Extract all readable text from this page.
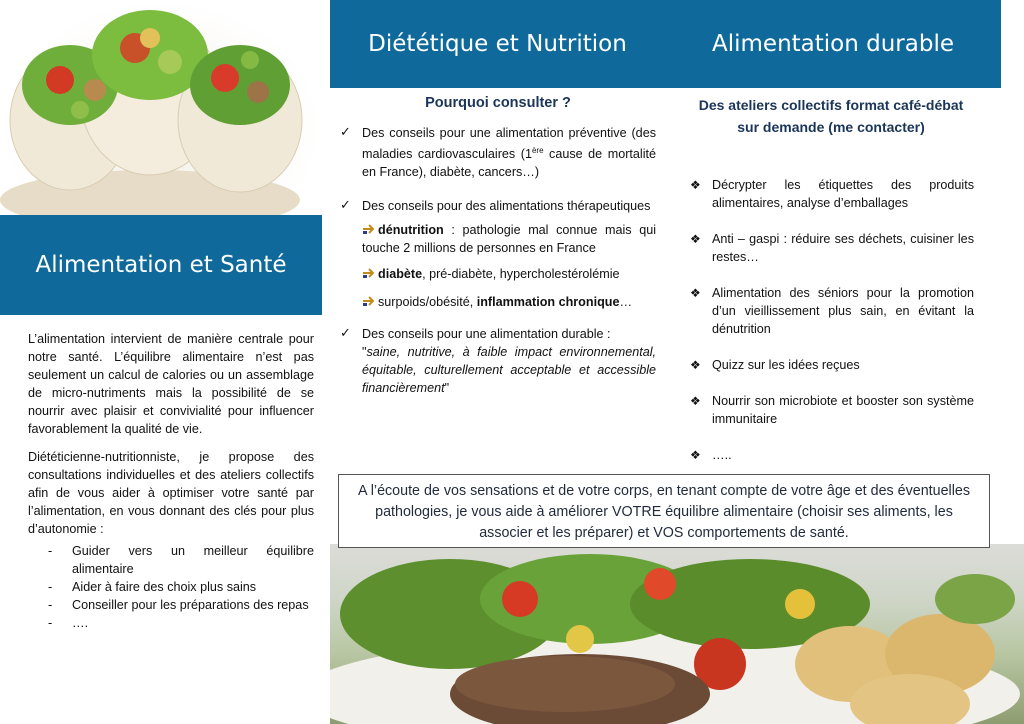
Alimentation et Santé
Diététique et Nutrition	Alimentation durable

L’alimentation intervient de manière centrale pour notre santé. L’équilibre alimentaire n’est pas seulement un calcul de calories ou un assemblage de micro-nutriments mais la possibilité de se nourrir avec plaisir et convivialité pour influencer favorablement la qualité de vie.

Diététicienne-nutritionniste, je propose des consultations individuelles et des ateliers collectifs afin de vous aider à optimiser votre santé par l’alimentation, en vous donnant des clés pour plus d’autonomie :

- Guider vers un meilleur équilibre alimentaire
- Aider à faire des choix plus sains
- Conseiller pour les préparations des repas
- ….
Pourquoi consulter ?
✓ Des conseils pour une alimentation préventive (des maladies cardiovasculaires (1ère cause de mortalité en France), diabète, cancers…)
✓ Des conseils pour des alimentations thérapeutiques
dénutrition : pathologie mal connue mais qui touche 2 millions de personnes en France
diabète, pré-diabète, hypercholestérolémie
surpoids/obésité, inflammation chronique…
✓ Des conseils pour une alimentation durable :
"saine, nutritive, à faible impact environnemental, équitable, culturellement acceptable et accessible financièrement"
Des ateliers collectifs format café-débat sur demande (me contacter)
❖ Décrypter les étiquettes des produits alimentaires, analyse d’emballages
❖ Anti – gaspi : réduire ses déchets, cuisiner les restes…
❖ Alimentation des séniors pour la promotion d’un vieillissement plus sain, en évitant la dénutrition
❖ Quizz sur les idées reçues
❖ Nourrir son microbiote et booster son système immunitaire
❖ …..
A l’écoute de vos sensations et de votre corps, en tenant compte de votre âge et des éventuelles pathologies, je vous aide à améliorer VOTRE équilibre alimentaire (choisir ses aliments, les associer et les préparer) et VOS comportements de santé.
